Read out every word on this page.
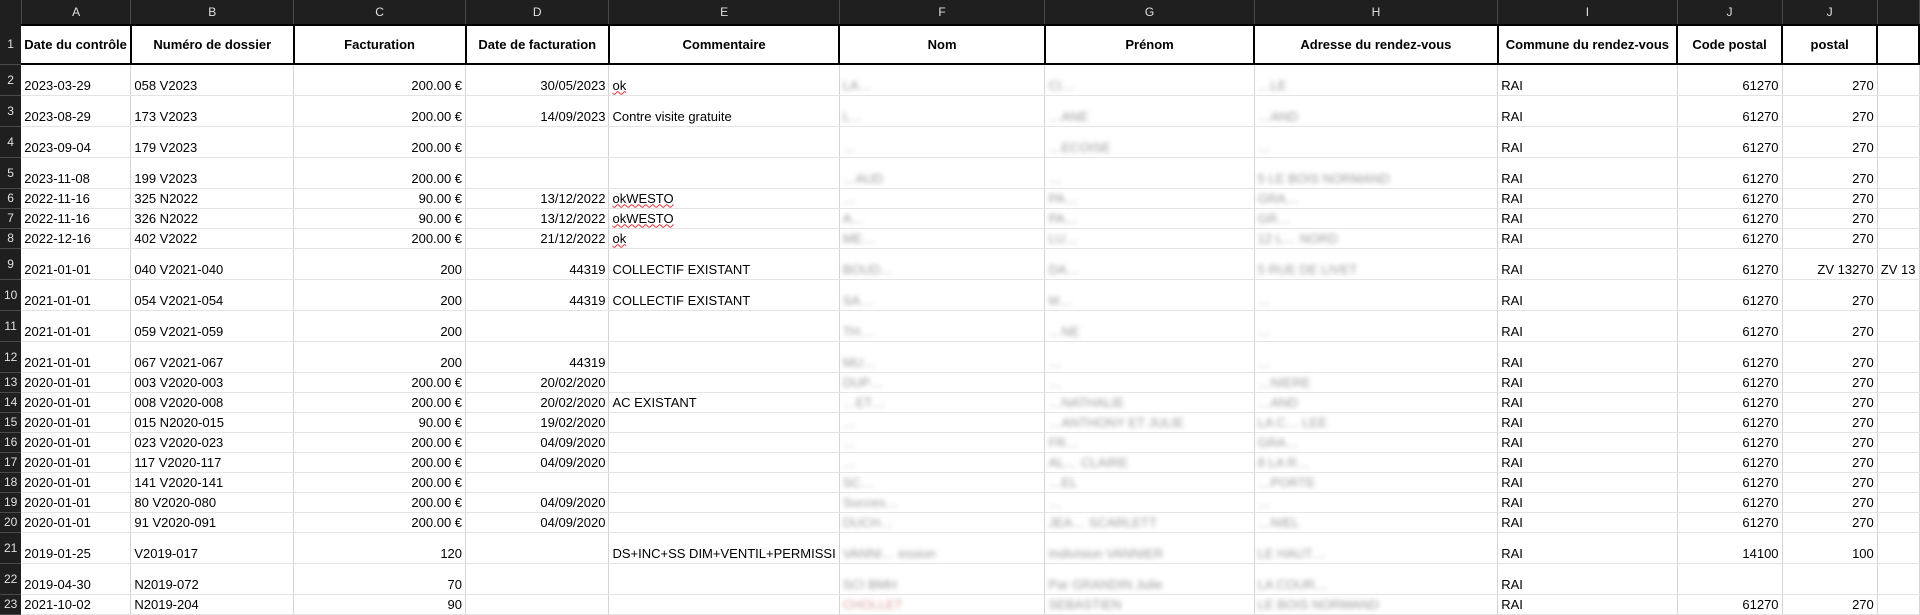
	A	B	C	D	E	F	G	H	I	J	J	
1	Date du contrôle	Numéro de dossier	Facturation	Date de facturation	Commentaire	Nom	Prénom	Adresse du rendez-vous	Commune du rendez-vous	Code postal	postal	
2	2023-03-29	058 V2023	200.00 €	30/05/2023	ok	LA…	CI…	…LE	RAI	61270	270	
3	2023-08-29	173 V2023	200.00 €	14/09/2023	Contre visite gratuite	L…	…ANE	…AND	RAI	61270	270	
4	2023-09-04	179 V2023	200.00 €			…	…ECOISE	…	RAI	61270	270	
5	2023-11-08	199 V2023	200.00 €			…AUD	…	5 LE BOIS NORMAND	RAI	61270	270	
6	2022-11-16	325 N2022	90.00 €	13/12/2022	okWESTO	…	PA…	GRA…	RAI	61270	270	
7	2022-11-16	326 N2022	90.00 €	13/12/2022	okWESTO	A…	PA…	GR…	RAI	61270	270	
8	2022-12-16	402 V2022	200.00 €	21/12/2022	ok	ME…	LU…	12 L… NORD	RAI	61270	270	
9	2021-01-01	040 V2021-040	200	44319	COLLECTIF EXISTANT	BOUD…	DA…	5 RUE DE LIVET	RAI	61270	ZV 13270	ZV 13
10	2021-01-01	054 V2021-054	200	44319	COLLECTIF EXISTANT	SA…	M…	…	RAI	61270	270	
11	2021-01-01	059 V2021-059	200			TH…	…NE	…	RAI	61270	270	
12	2021-01-01	067 V2021-067	200	44319		MU…	…	…	RAI	61270	270	
13	2020-01-01	003 V2020-003	200.00 €	20/02/2020		DUP…	…	…NIERE	RAI	61270	270	
14	2020-01-01	008 V2020-008	200.00 €	20/02/2020	AC EXISTANT	…ET…	…NATHALIE	…AND	RAI	61270	270	
15	2020-01-01	015 N2020-015	90.00 €	19/02/2020		…	…ANTHONY ET JULIE	LA C… LEE	RAI	61270	270	
16	2020-01-01	023 V2020-023	200.00 €	04/09/2020		…	FR…	GRA…	RAI	61270	270	
17	2020-01-01	117 V2020-117	200.00 €	04/09/2020		…	AL… CLAIRE	8 LA R…	RAI	61270	270	
18	2020-01-01	141 V2020-141	200.00 €			SC…	…EL	…PORTE	RAI	61270	270	
19	2020-01-01	80 V2020-080	200.00 €	04/09/2020		Succes…	…	…	RAI	61270	270	
20	2020-01-01	91 V2020-091	200.00 €	04/09/2020		DUCH…	JEA… SCARLETT	…NIEL	RAI	61270	270	
21	2019-01-25	V2019-017	120		DS+INC+SS DIM+VENTIL+PERMISSI	VANNI… ession	Indivision VANNIER	LE HAUT…	RAI	14100	100	
22	2019-04-30	N2019-072	70			SCI BMH	Par GRANDIN Julie	LA COUR…	RAI			
23	2021-10-02	N2019-204	90			CHOLLET	SEBASTIEN	LE BOIS NORMAND	RAI	61270	270	
